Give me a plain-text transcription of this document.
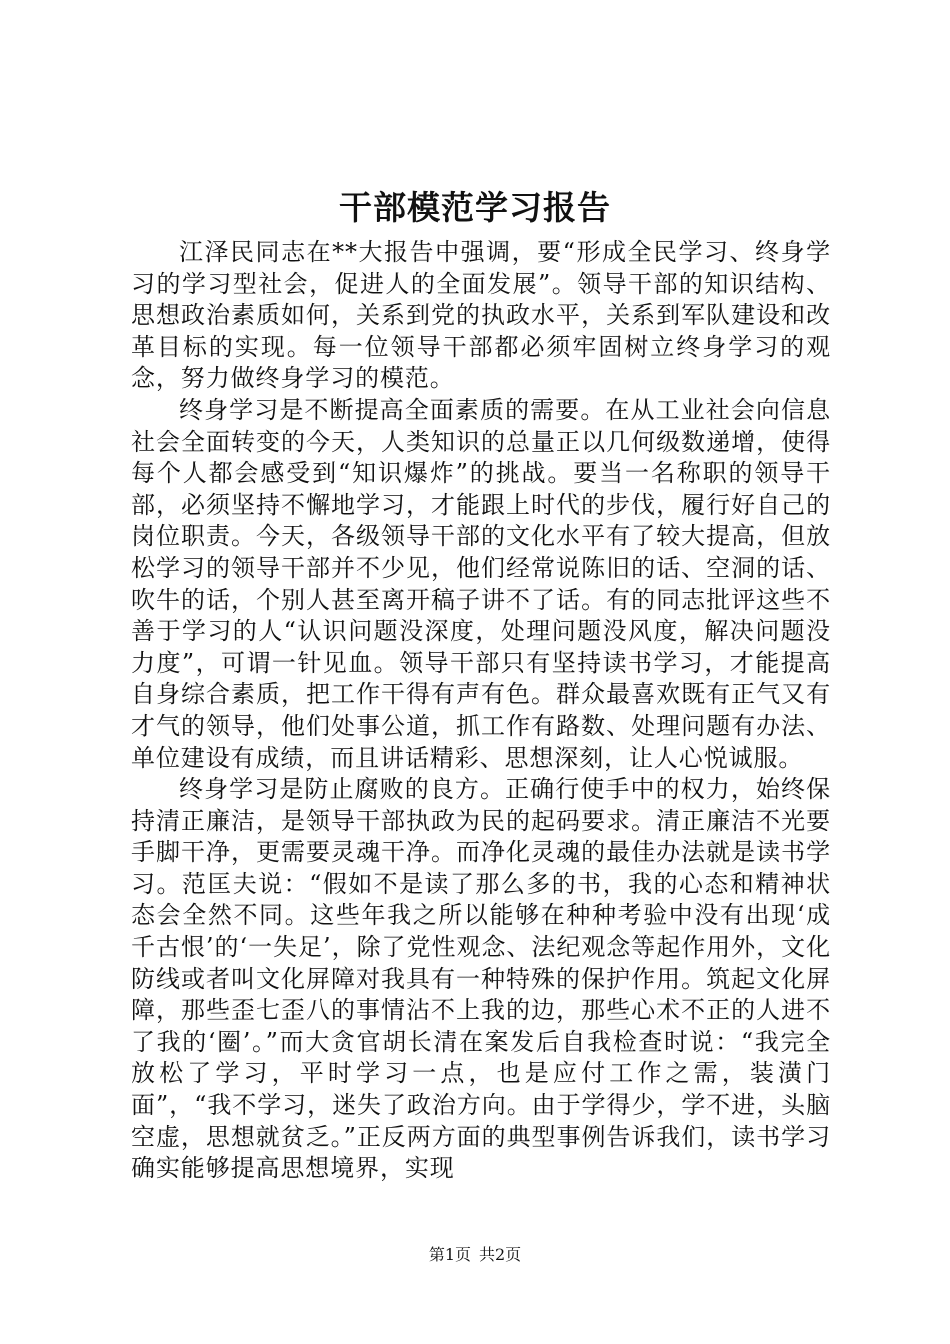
干部模范学习报告

江泽民同志在**大报告中强调，要“形成全民学习、终身学习的学习型社会，促进人的全面发展”。领导干部的知识结构、思想政治素质如何，关系到党的执政水平，关系到军队建设和改革目标的实现。每一位领导干部都必须牢固树立终身学习的观念，努力做终身学习的模范。

终身学习是不断提高全面素质的需要。在从工业社会向信息社会全面转变的今天，人类知识的总量正以几何级数递增，使得每个人都会感受到“知识爆炸”的挑战。要当一名称职的领导干部，必须坚持不懈地学习，才能跟上时代的步伐，履行好自己的岗位职责。今天，各级领导干部的文化水平有了较大提高，但放松学习的领导干部并不少见，他们经常说陈旧的话、空洞的话、吹牛的话，个别人甚至离开稿子讲不了话。有的同志批评这些不善于学习的人“认识问题没深度，处理问题没风度，解决问题没力度”，可谓一针见血。领导干部只有坚持读书学习，才能提高自身综合素质，把工作干得有声有色。群众最喜欢既有正气又有才气的领导，他们处事公道，抓工作有路数、处理问题有办法、单位建设有成绩，而且讲话精彩、思想深刻，让人心悦诚服。

终身学习是防止腐败的良方。正确行使手中的权力，始终保持清正廉洁，是领导干部执政为民的起码要求。清正廉洁不光要手脚干净，更需要灵魂干净。而净化灵魂的最佳办法就是读书学习。范匡夫说：“假如不是读了那么多的书，我的心态和精神状态会全然不同。这些年我之所以能够在种种考验中没有出现‘成千古恨’的‘一失足’，除了党性观念、法纪观念等起作用外，文化防线或者叫文化屏障对我具有一种特殊的保护作用。筑起文化屏障，那些歪七歪八的事情沾不上我的边，那些心术不正的人进不了我的‘圈’。”而大贪官胡长清在案发后自我检查时说：“我完全放松了学习，平时学习一点，也是应付工作之需，装潢门面”，“我不学习，迷失了政治方向。由于学得少，学不进，头脑空虚，思想就贫乏。”正反两方面的典型事例告诉我们，读书学习确实能够提高思想境界，实现

第1页 共2页
